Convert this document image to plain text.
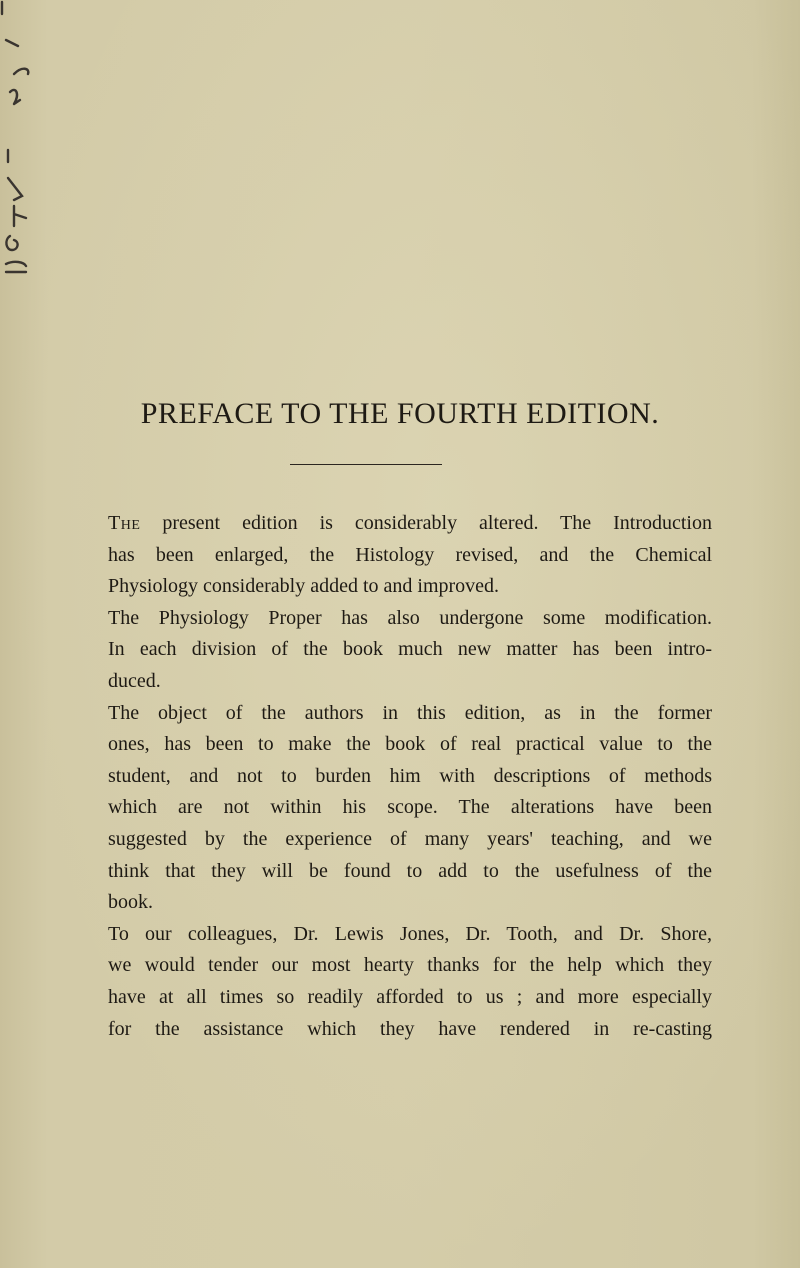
PREFACE TO THE FOURTH EDITION.
The present edition is considerably altered. The Introduction
has been enlarged, the Histology revised, and the Chemical
Physiology considerably added to and improved.
The Physiology Proper has also undergone some modification.
In each division of the book much new matter has been intro-
duced.
The object of the authors in this edition, as in the former
ones, has been to make the book of real practical value to the
student, and not to burden him with descriptions of methods
which are not within his scope. The alterations have been
suggested by the experience of many years' teaching, and we
think that they will be found to add to the usefulness of the
book.
To our colleagues, Dr. Lewis Jones, Dr. Tooth, and Dr. Shore,
we would tender our most hearty thanks for the help which they
have at all times so readily afforded to us ; and more especially
for the assistance which they have rendered in re-casting
